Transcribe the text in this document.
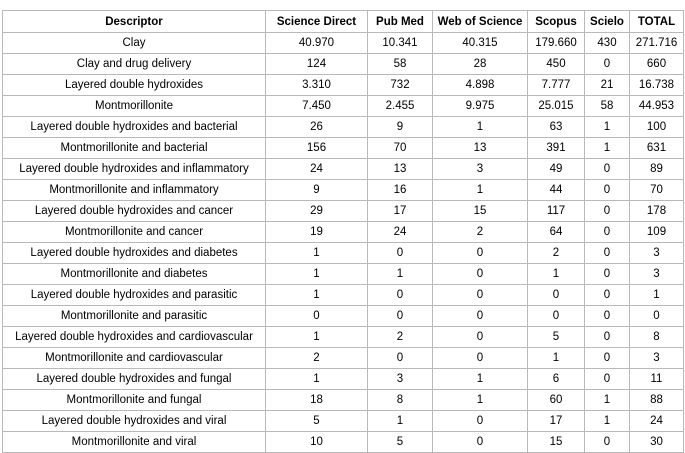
Descriptor	Science Direct	Pub Med	Web of Science	Scopus	Scielo	TOTAL
Clay	40.970	10.341	40.315	179.660	430	271.716
Clay and drug delivery	124	58	28	450	0	660
Layered double hydroxides	3.310	732	4.898	7.777	21	16.738
Montmorillonite	7.450	2.455	9.975	25.015	58	44.953
Layered double hydroxides and bacterial	26	9	1	63	1	100
Montmorillonite and bacterial	156	70	13	391	1	631
Layered double hydroxides and inflammatory	24	13	3	49	0	89
Montmorillonite and inflammatory	9	16	1	44	0	70
Layered double hydroxides and cancer	29	17	15	117	0	178
Montmorillonite and cancer	19	24	2	64	0	109
Layered double hydroxides and diabetes	1	0	0	2	0	3
Montmorillonite and diabetes	1	1	0	1	0	3
Layered double hydroxides and parasitic	1	0	0	0	0	1
Montmorillonite and parasitic	0	0	0	0	0	0
Layered double hydroxides and cardiovascular	1	2	0	5	0	8
Montmorillonite and cardiovascular	2	0	0	1	0	3
Layered double hydroxides and fungal	1	3	1	6	0	11
Montmorillonite and fungal	18	8	1	60	1	88
Layered double hydroxides and viral	5	1	0	17	1	24
Montmorillonite and viral	10	5	0	15	0	30
